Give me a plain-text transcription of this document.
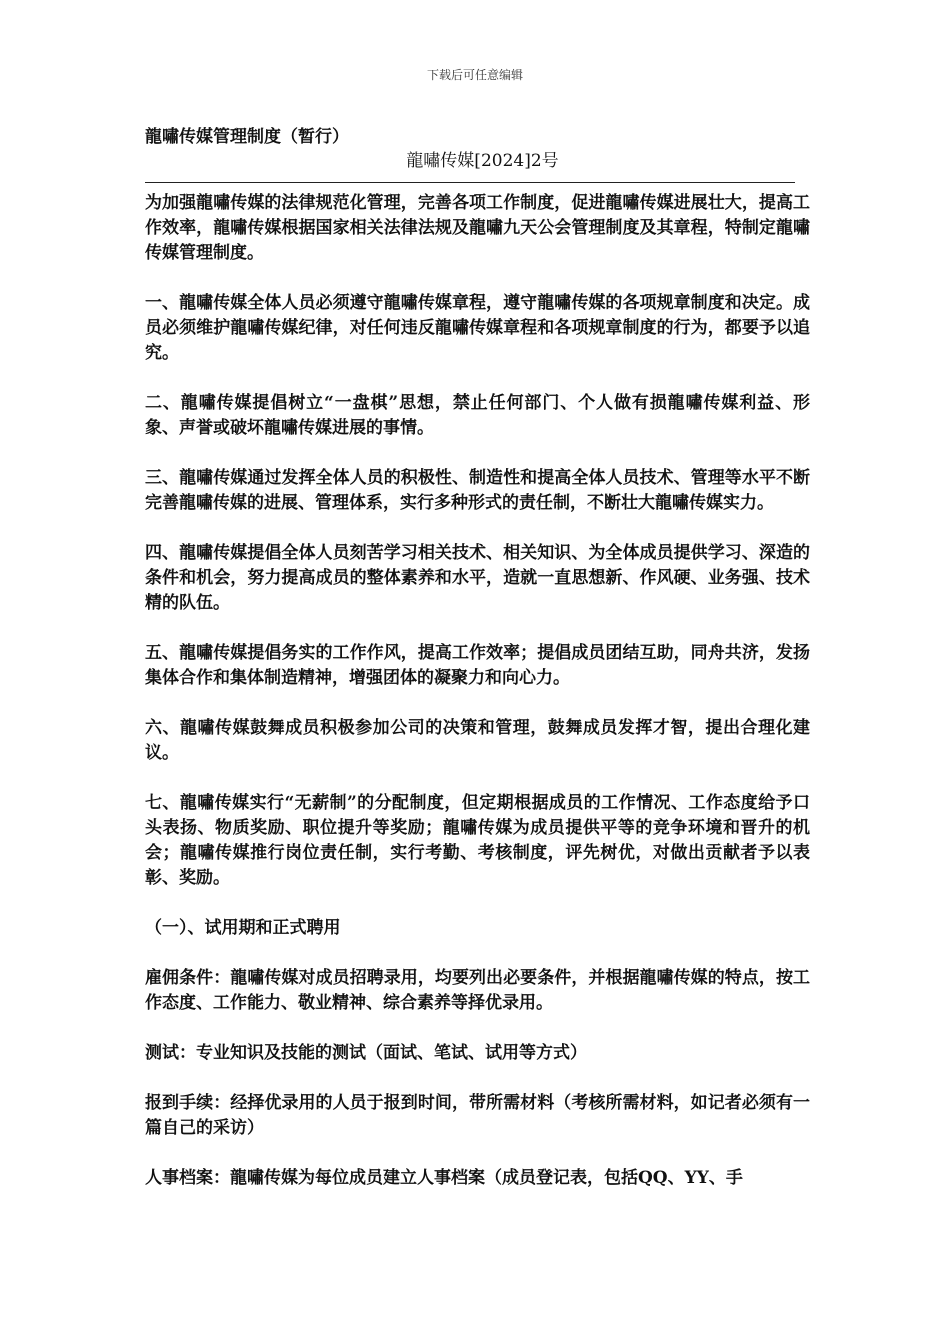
下载后可任意编辑
龍嘯传媒管理制度（暂行）
龍嘯传媒[2024]2号

为加强龍嘯传媒的法律规范化管理，完善各项工作制度，促进龍嘯传媒进展壮大，提高工作效率，龍嘯传媒根据国家相关法律法规及龍嘯九天公会管理制度及其章程，特制定龍嘯传媒管理制度。

一、龍嘯传媒全体人员必须遵守龍嘯传媒章程，遵守龍嘯传媒的各项规章制度和决定。成员必须维护龍嘯传媒纪律，对任何违反龍嘯传媒章程和各项规章制度的行为，都要予以追究。

二、龍嘯传媒提倡树立“一盘棋”思想，禁止任何部门、个人做有损龍嘯传媒利益、形象、声誉或破坏龍嘯传媒进展的事情。

三、龍嘯传媒通过发挥全体人员的积极性、制造性和提高全体人员技术、管理等水平不断完善龍嘯传媒的进展、管理体系，实行多种形式的责任制，不断壮大龍嘯传媒实力。

四、龍嘯传媒提倡全体人员刻苦学习相关技术、相关知识、为全体成员提供学习、深造的条件和机会，努力提高成员的整体素养和水平，造就一直思想新、作风硬、业务强、技术精的队伍。

五、龍嘯传媒提倡务实的工作作风，提高工作效率；提倡成员团结互助，同舟共济，发扬集体合作和集体制造精神，增强团体的凝聚力和向心力。

六、龍嘯传媒鼓舞成员积极参加公司的决策和管理，鼓舞成员发挥才智，提出合理化建议。

七、龍嘯传媒实行“无薪制”的分配制度，但定期根据成员的工作情况、工作态度给予口头表扬、物质奖励、职位提升等奖励；龍嘯传媒为成员提供平等的竞争环境和晋升的机会；龍嘯传媒推行岗位责任制，实行考勤、考核制度，评先树优，对做出贡献者予以表彰、奖励。

（一）、试用期和正式聘用

雇佣条件：龍嘯传媒对成员招聘录用，均要列出必要条件，并根据龍嘯传媒的特点，按工作态度、工作能力、敬业精神、综合素养等择优录用。

测试：专业知识及技能的测试（面试、笔试、试用等方式）

报到手续：经择优录用的人员于报到时间，带所需材料（考核所需材料，如记者必须有一篇自己的采访）

人事档案：龍嘯传媒为每位成员建立人事档案（成员登记表，包括QQ、YY、手
